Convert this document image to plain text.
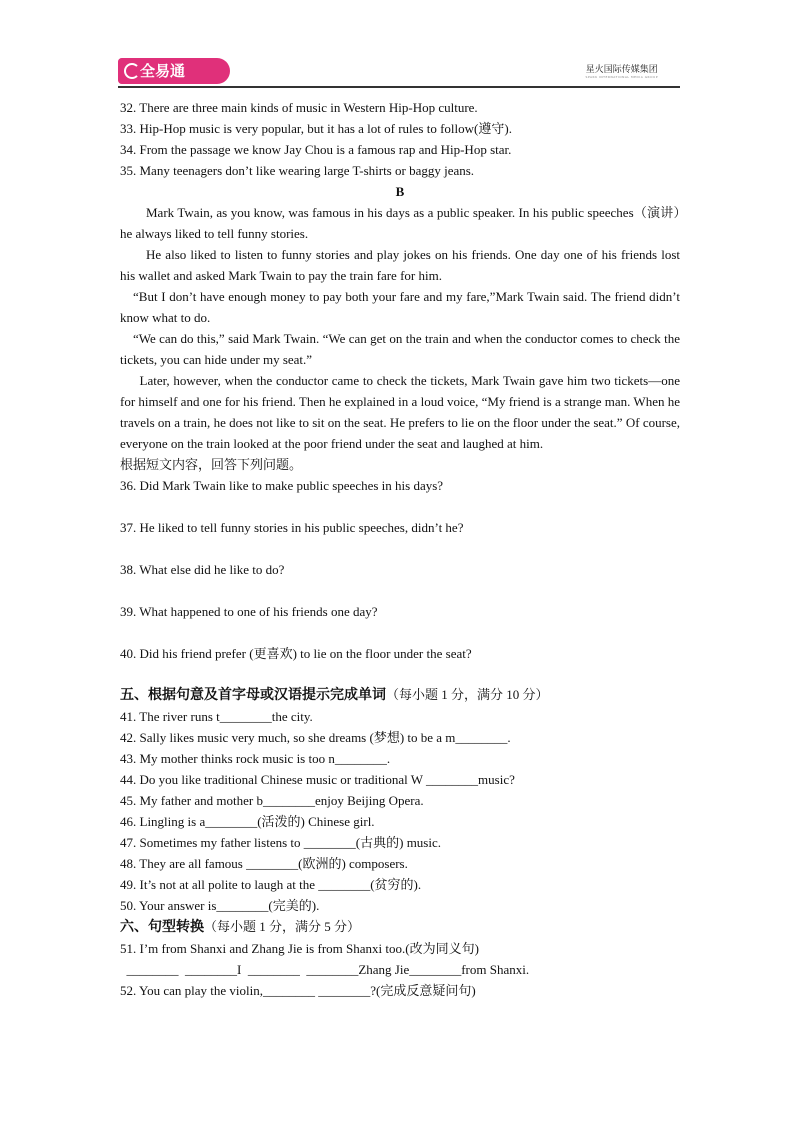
全易通	星火国际传媒集团
SPARK INTERNATIONAL MEDIA GROUP
32. There are three main kinds of music in Western Hip-Hop culture.
33. Hip-Hop music is very popular, but it has a lot of rules to follow(遵守).
34. From the passage we know Jay Chou is a famous rap and Hip-Hop star.
35. Many teenagers don’t like wearing large T-shirts or baggy jeans.
B
Mark Twain, as you know, was famous in his days as a public speaker. In his public speeches（演讲）he always liked to tell funny stories.
He also liked to listen to funny stories and play jokes on his friends. One day one of his friends lost his wallet and asked Mark Twain to pay the train fare for him.
“But I don’t have enough money to pay both your fare and my fare,”Mark Twain said. The friend didn’t know what to do.
“We can do this,” said Mark Twain. “We can get on the train and when the conductor comes to check the tickets, you can hide under my seat.”
Later, however, when the conductor came to check the tickets, Mark Twain gave him two tickets—one for himself and one for his friend. Then he explained in a loud voice, “My friend is a strange man. When he travels on a train, he does not like to sit on the seat. He prefers to lie on the floor under the seat.” Of course, everyone on the train looked at the poor friend under the seat and laughed at him.
根据短文内容，回答下列问题。
36. Did Mark Twain like to make public speeches in his days?
37. He liked to tell funny stories in his public speeches, didn’t he?
38. What else did he like to do?
39. What happened to one of his friends one day?
40. Did his friend prefer (更喜欢) to lie on the floor under the seat?
五、根据句意及首字母或汉语提示完成单词（每小题 1 分，满分 10 分）
41. The river runs t________the city.
42. Sally likes music very much, so she dreams (梦想) to be a m________.
43. My mother thinks rock music is too n________.
44. Do you like traditional Chinese music or traditional W ________music?
45. My father and mother b________enjoy Beijing Opera.
46. Lingling is a________(活泼的) Chinese girl.
47. Sometimes my father listens to ________(古典的) music.
48. They are all famous ________(欧洲的) composers.
49. It’s not at all polite to laugh at the ________(贫穷的).
50. Your answer is________(完美的).
六、句型转换（每小题 1 分，满分 5 分）
51. I’m from Shanxi and Zhang Jie is from Shanxi too.(改为同义句)
________  ________I  ________  ________Zhang Jie________from Shanxi.
52. You can play the violin,________ ________?(完成反意疑问句)
